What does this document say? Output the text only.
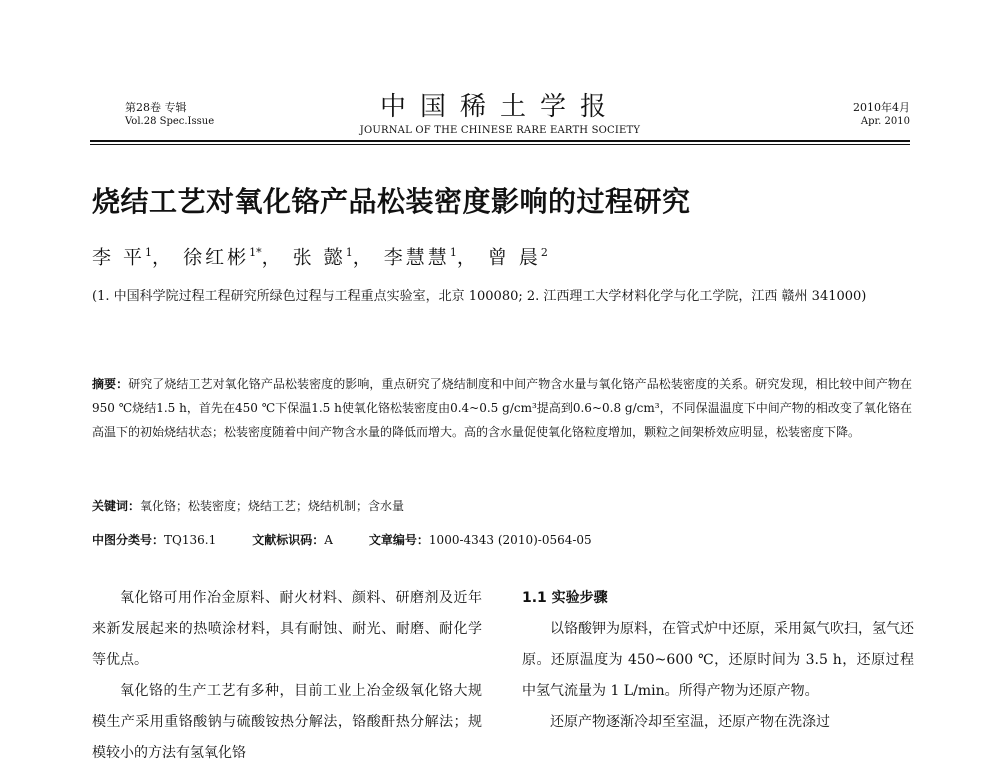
第28卷 专辑
Vol.28 Spec.Issue	中国稀土学报
JOURNAL OF THE CHINESE RARE EARTH SOCIETY
2010年4月
Apr. 2010
烧结工艺对氧化铬产品松装密度影响的过程研究
李 平$^1$， 徐红彬$^{1*}$， 张 懿$^1$， 李慧慧$^1$， 曾 晨$^2$
(1. 中国科学院过程工程研究所绿色过程与工程重点实验室，北京 100080; 2. 江西理工大学材料化学与化工学院，江西 赣州 341000)
摘要：研究了烧结工艺对氧化铬产品松装密度的影响，重点研究了烧结制度和中间产物含水量与氧化铬产品松装密度的关系。研究发现，相比较中间产物在950 ℃烧结1.5 h，首先在450 ℃下保温1.5 h使氧化铬松装密度由0.4~0.5 g/cm³提高到0.6~0.8 g/cm³，不同保温温度下中间产物的相改变了氧化铬在高温下的初始烧结状态；松装密度随着中间产物含水量的降低而增大。高的含水量促使氧化铬粒度增加，颗粒之间架桥效应明显，松装密度下降。
关键词：氧化铬；松装密度；烧结工艺；烧结机制；含水量
中图分类号：TQ136.1	文献标识码：A	文章编号：1000-4343 (2010)-0564-05

氧化铬可用作冶金原料、耐火材料、颜料、研磨剂及近年来新发展起来的热喷涂材料，具有耐蚀、耐光、耐磨、耐化学等优点。

氧化铬的生产工艺有多种，目前工业上冶金级氧化铬大规模生产采用重铬酸钠与硫酸铵热分解法，铬酸酐热分解法；规模较小的方法有氢氧化铬

1.1 实验步骤

以铬酸钾为原料，在管式炉中还原，采用氮气吹扫，氢气还原。还原温度为 450~600 ℃，还原时间为 3.5 h，还原过程中氢气流量为 1 L/min。所得产物为还原产物。

还原产物逐渐冷却至室温，还原产物在洗涤过
